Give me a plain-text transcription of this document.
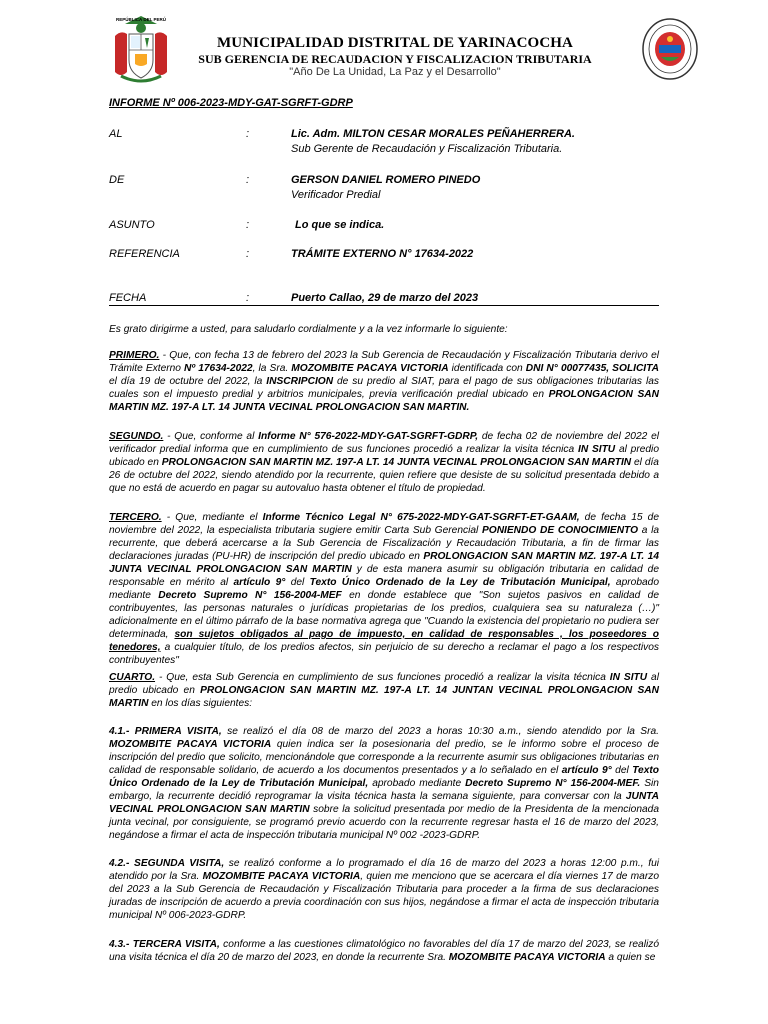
REPÚBLICA DEL PERÚ
MUNICIPALIDAD DISTRITAL DE YARINACOCHA
SUB GERENCIA DE RECAUDACION Y FISCALIZACION TRIBUTARIA
"Año De La Unidad, La Paz y el Desarrollo"
INFORME Nº 006-2023-MDY-GAT-SGRFT-GDRP
AL	:	Lic. Adm. MILTON CESAR MORALES PEÑAHERRERA.
Sub Gerente de Recaudación y Fiscalización Tributaria.
DE	:	GERSON DANIEL ROMERO PINEDO
Verificador Predial
ASUNTO	:	Lo que se indica.
REFERENCIA	:	TRÁMITE EXTERNO N° 17634-2022
FECHA	:	Puerto Callao, 29 de marzo del 2023
Es grato dirigirme a usted, para saludarlo cordialmente y a la vez informarle lo siguiente:
PRIMERO. - Que, con fecha 13 de febrero del 2023 la Sub Gerencia de Recaudación y Fiscalización Tributaria derivo el Trámite Externo Nº 17634-2022, la Sra. MOZOMBITE PACAYA VICTORIA identificada con DNI N° 00077435, SOLICITA el día 19 de octubre del 2022, la INSCRIPCION de su predio al SIAT, para el pago de sus obligaciones tributarias las cuales son el impuesto predial y arbitrios municipales, previa verificación predial ubicado en PROLONGACION SAN MARTIN MZ. 197-A LT. 14 JUNTA VECINAL PROLONGACION SAN MARTIN.
SEGUNDO. - Que, conforme al Informe N° 576-2022-MDY-GAT-SGRFT-GDRP, de fecha 02 de noviembre del 2022 el verificador predial informa que en cumplimiento de sus funciones procedió a realizar la visita técnica IN SITU al predio ubicado en PROLONGACION SAN MARTIN MZ. 197-A LT. 14 JUNTA VECINAL PROLONGACION SAN MARTIN el día 26 de octubre del 2022, siendo atendido por la recurrente, quien refiere que desiste de su solicitud presentada debido a que no está de acuerdo en pagar su autovaluo hasta obtener el título de propiedad.
TERCERO. - Que, mediante el Informe Técnico Legal N° 675-2022-MDY-GAT-SGRFT-ET-GAAM, de fecha 15 de noviembre del 2022, la especialista tributaria sugiere emitir Carta Sub Gerencial PONIENDO DE CONOCIMIENTO a la recurrente, que deberá acercarse a la Sub Gerencia de Fiscalización y Recaudación Tributaria, a fin de firmar las declaraciones juradas (PU-HR) de inscripción del predio ubicado en PROLONGACION SAN MARTIN MZ. 197-A LT. 14 JUNTA VECINAL PROLONGACION SAN MARTIN y de esta manera asumir su obligación tributaria en calidad de responsable en mérito al artículo 9° del Texto Único Ordenado de la Ley de Tributación Municipal, aprobado mediante Decreto Supremo N° 156-2004-MEF en donde establece que "Son sujetos pasivos en calidad de contribuyentes, las personas naturales o jurídicas propietarias de los predios, cualquiera sea su naturaleza (…)" adicionalmente en el último párrafo de la base normativa agrega que "Cuando la existencia del propietario no pudiera ser determinada, son sujetos obligados al pago de impuesto, en calidad de responsables , los poseedores o tenedores, a cualquier título, de los predios afectos, sin perjuicio de su derecho a reclamar el pago a los respectivos contribuyentes"
CUARTO. - Que, esta Sub Gerencia en cumplimiento de sus funciones procedió a realizar la visita técnica IN SITU al predio ubicado en PROLONGACION SAN MARTIN MZ. 197-A LT. 14 JUNTAN VECINAL PROLONGACION SAN MARTIN en los días siguientes:
4.1.- PRIMERA VISITA, se realizó el día 08 de marzo del 2023 a horas 10:30 a.m., siendo atendido por la Sra. MOZOMBITE PACAYA VICTORIA quien indica ser la posesionaria del predio, se le informo sobre el proceso de inscripción del predio que solicito, mencionándole que corresponde a la recurrente asumir sus obligaciones tributarias en calidad de responsable solidario, de acuerdo a los documentos presentados y a lo señalado en el artículo 9° del Texto Único Ordenado de la Ley de Tributación Municipal, aprobado mediante Decreto Supremo N° 156-2004-MEF. Sin embargo, la recurrente decidió reprogramar la visita técnica hasta la semana siguiente, para conversar con la JUNTA VECINAL PROLONGACION SAN MARTIN sobre la solicitud presentada por medio de la Presidenta de la mencionada junta vecinal, por consiguiente, se programó previo acuerdo con la recurrente regresar hasta el 16 de marzo del 2023, negándose a firmar el acta de inspección tributaria municipal Nº 002 -2023-GDRP.
4.2.- SEGUNDA VISITA, se realizó conforme a lo programado el día 16 de marzo del 2023 a horas 12:00 p.m., fui atendido por la Sra. MOZOMBITE PACAYA VICTORIA, quien me menciono que se acercara el día viernes 17 de marzo del 2023 a la Sub Gerencia de Recaudación y Fiscalización Tributaria para proceder a la firma de sus declaraciones juradas de inscripción de acuerdo a previa coordinación con sus hijos, negándose a firmar el acta de inspección tributaria municipal Nº 006-2023-GDRP.
4.3.- TERCERA VISITA, conforme a las cuestiones climatológico no favorables del día 17 de marzo del 2023, se realizó una visita técnica el día 20 de marzo del 2023, en donde la recurrente Sra. MOZOMBITE PACAYA VICTORIA a quien se
